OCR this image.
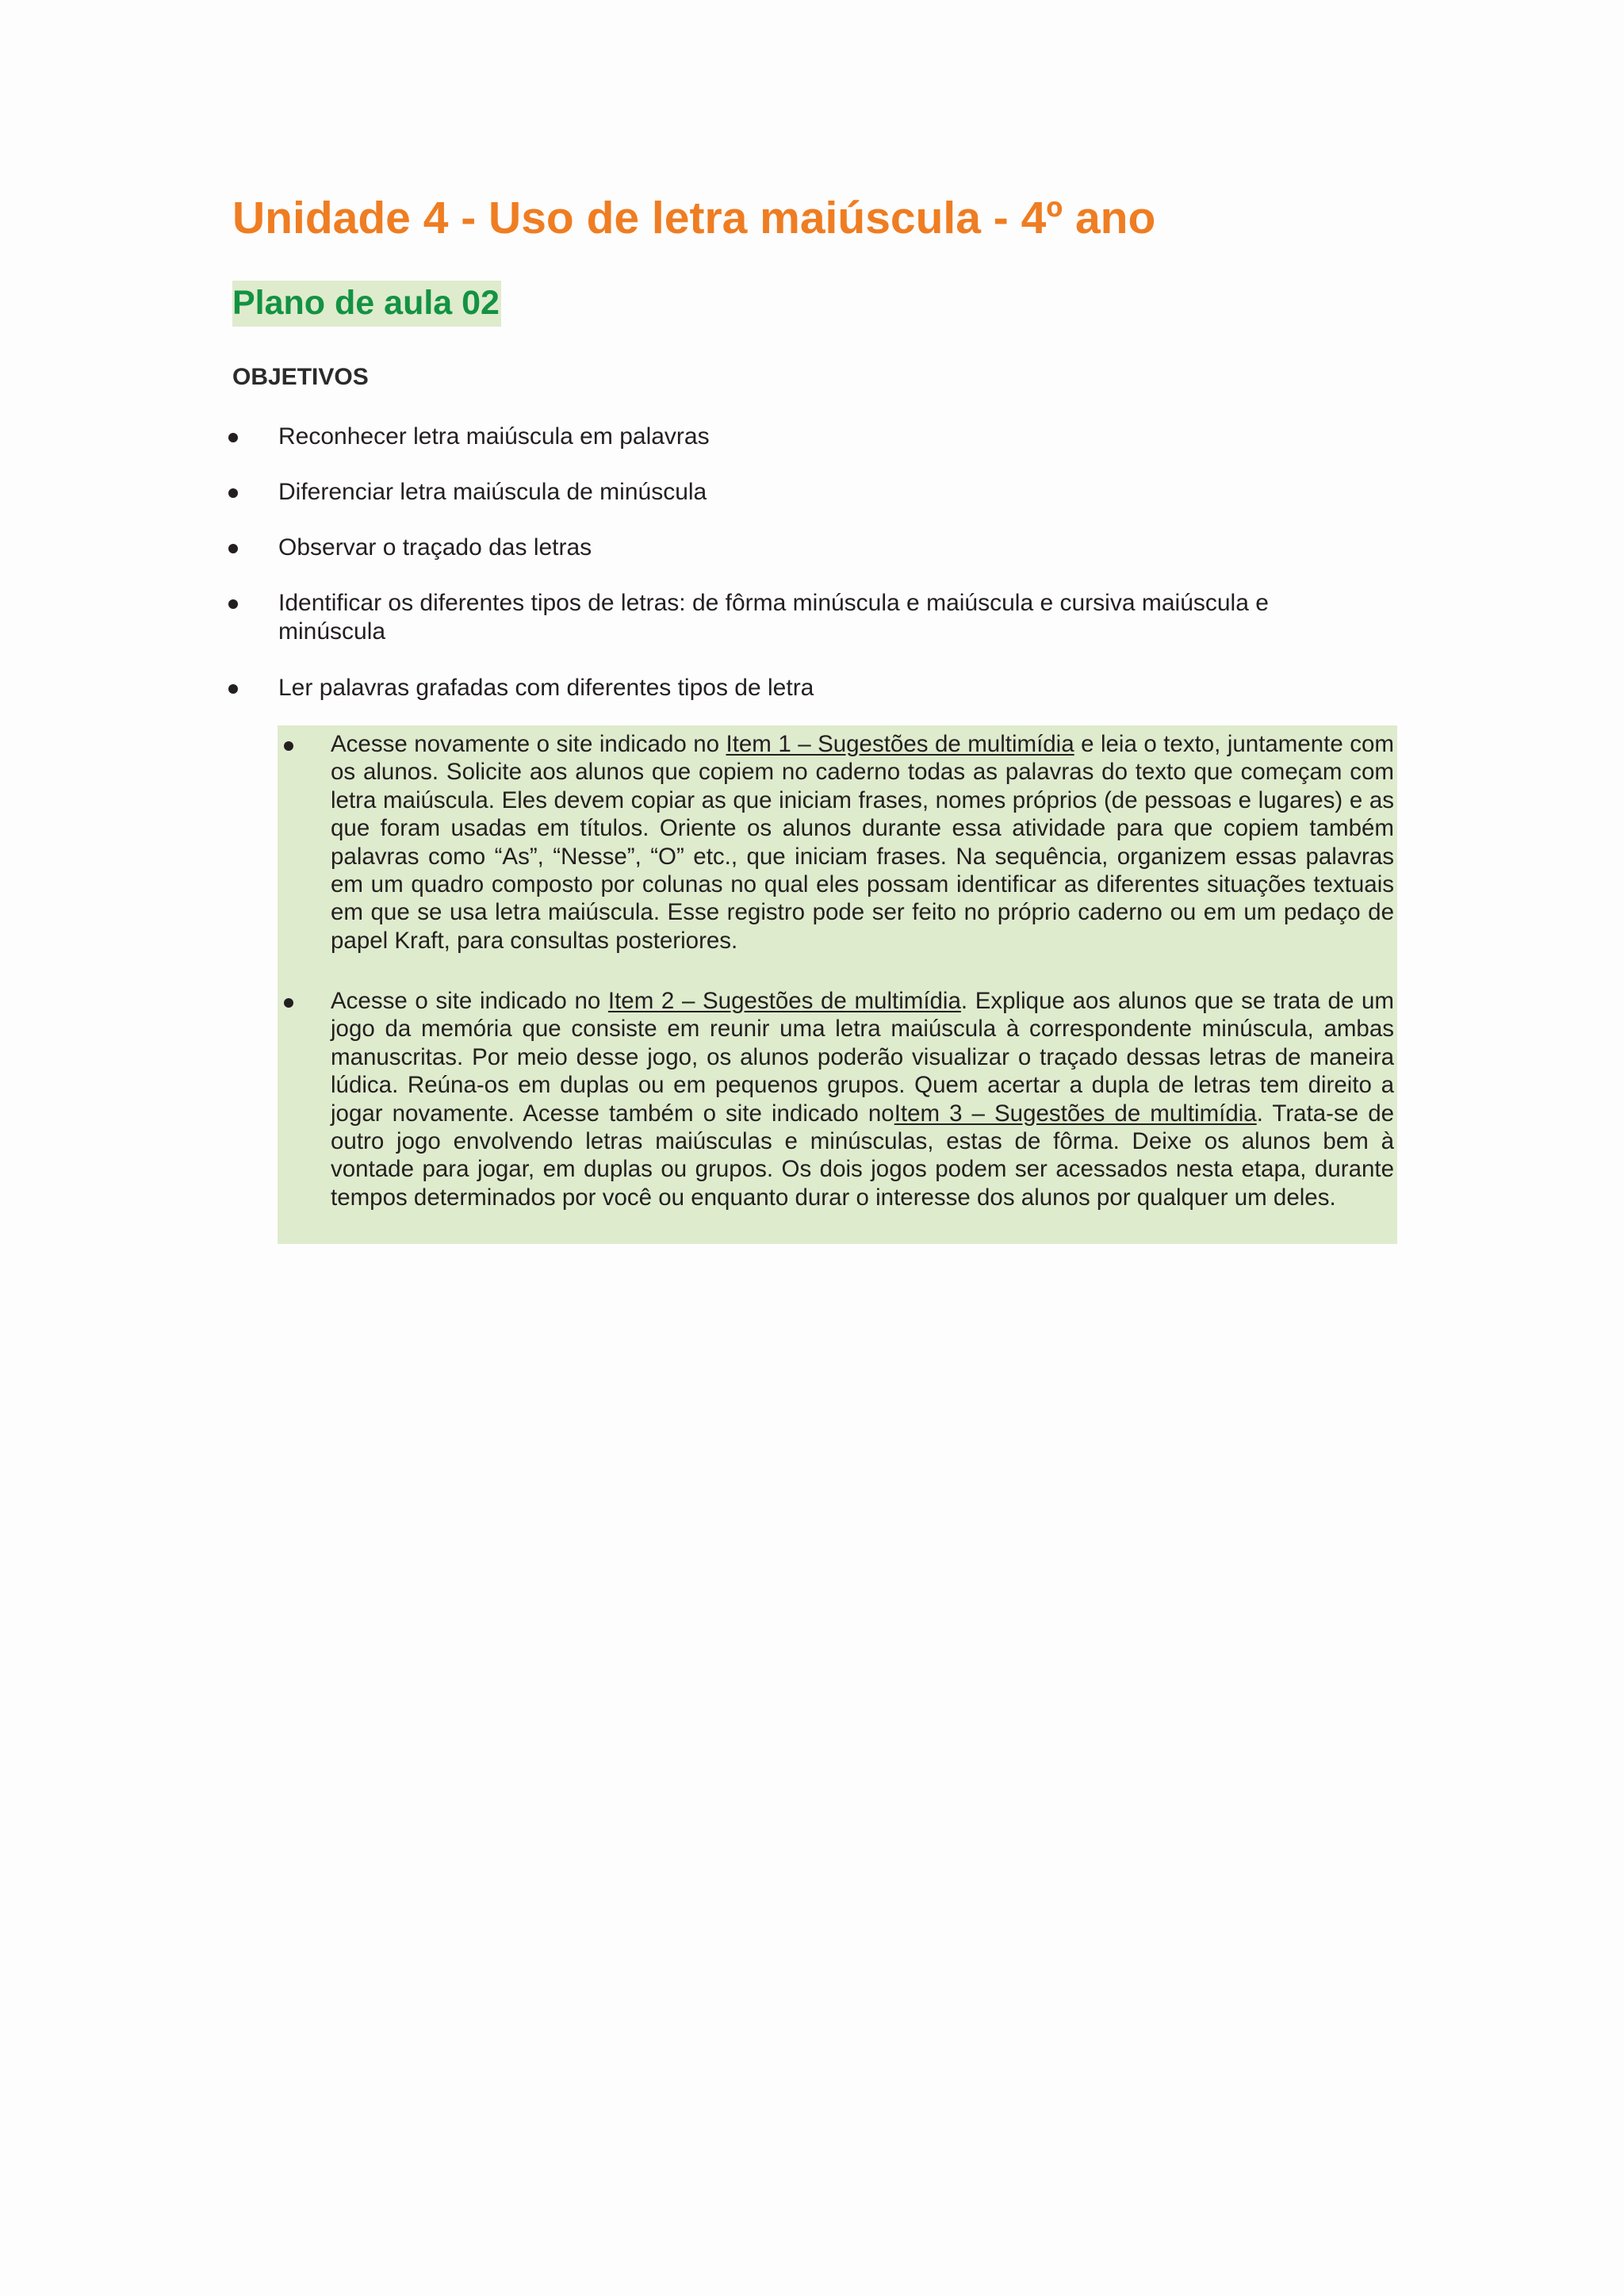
Unidade 4 - Uso de letra maiúscula - 4º ano
Plano de aula 02
OBJETIVOS
Reconhecer letra maiúscula em palavras
Diferenciar letra maiúscula de minúscula
Observar o traçado das letras
Identificar os diferentes tipos de letras: de fôrma minúscula e maiúscula e cursiva maiúscula e minúscula
Ler palavras grafadas com diferentes tipos de letra
Acesse novamente o site indicado no Item 1 – Sugestões de multimídia e leia o texto, juntamente com os alunos. Solicite aos alunos que copiem no caderno todas as palavras do texto que começam com letra maiúscula. Eles devem copiar as que iniciam frases, nomes próprios (de pessoas e lugares) e as que foram usadas em títulos. Oriente os alunos durante essa atividade para que copiem também palavras como “As”, “Nesse”, “O” etc., que iniciam frases. Na sequência, organizem essas palavras em um quadro composto por colunas no qual eles possam identificar as diferentes situações textuais em que se usa letra maiúscula. Esse registro pode ser feito no próprio caderno ou em um pedaço de papel Kraft, para consultas posteriores.
Acesse o site indicado no Item 2 – Sugestões de multimídia. Explique aos alunos que se trata de um jogo da memória que consiste em reunir uma letra maiúscula à correspondente minúscula, ambas manuscritas. Por meio desse jogo, os alunos poderão visualizar o traçado dessas letras de maneira lúdica. Reúna-os em duplas ou em pequenos grupos. Quem acertar a dupla de letras tem direito a jogar novamente. Acesse também o site indicado noItem 3 – Sugestões de multimídia. Trata-se de outro jogo envolvendo letras maiúsculas e minúsculas, estas de fôrma. Deixe os alunos bem à vontade para jogar, em duplas ou grupos. Os dois jogos podem ser acessados nesta etapa, durante tempos determinados por você ou enquanto durar o interesse dos alunos por qualquer um deles.
